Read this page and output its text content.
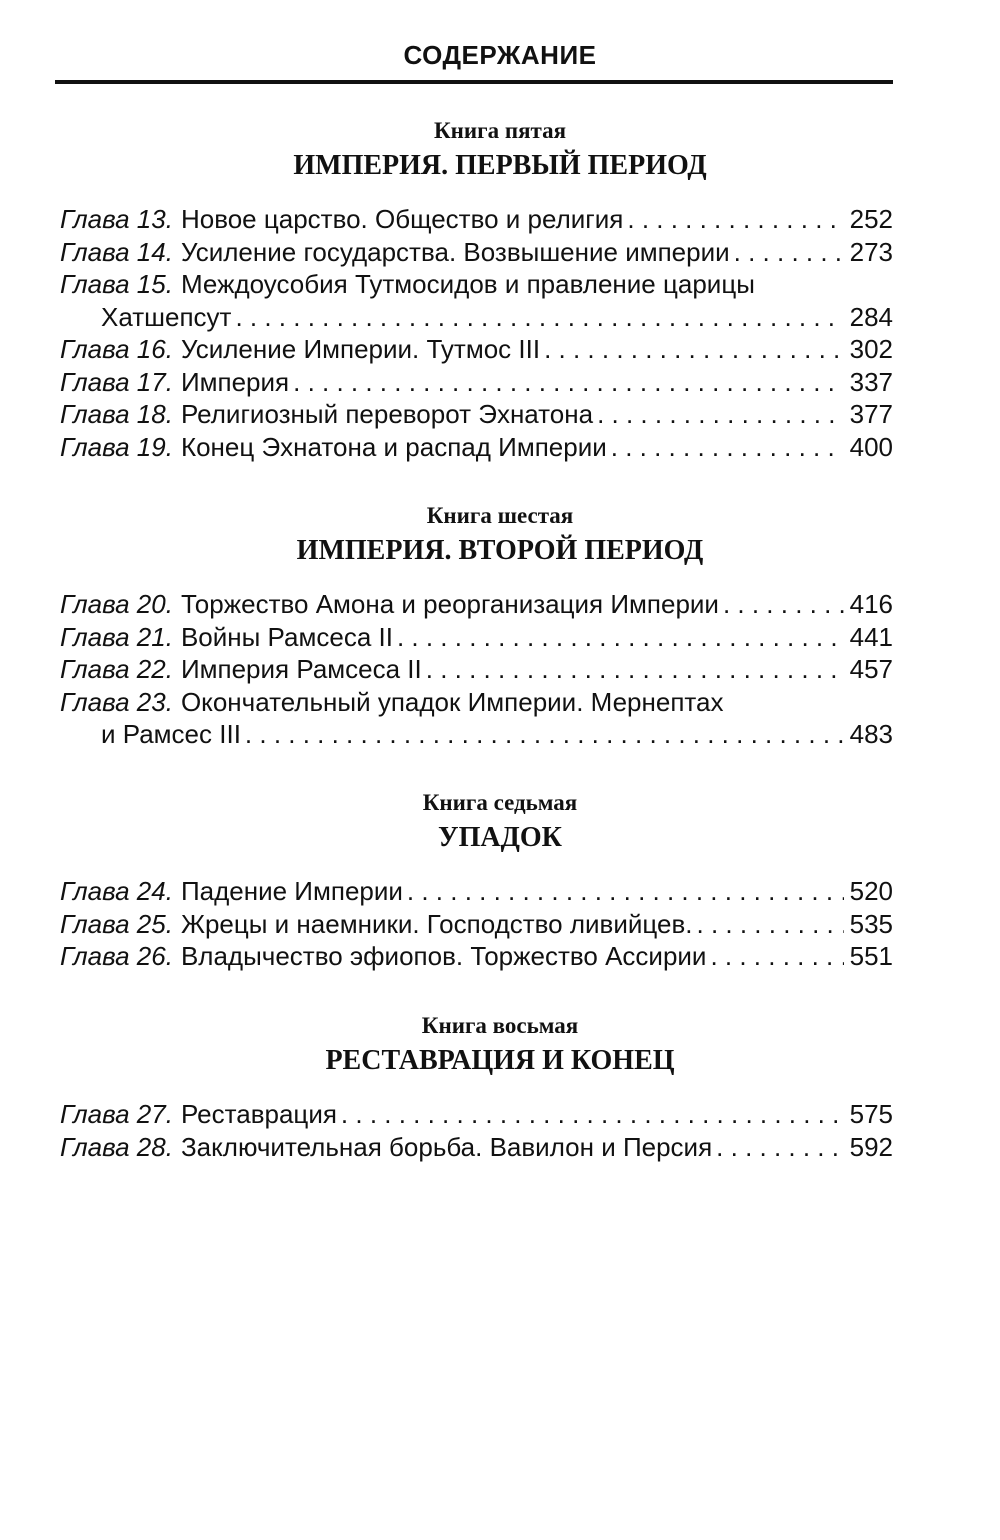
СОДЕРЖАНИЕ
Книга пятая
ИМПЕРИЯ. ПЕРВЫЙ ПЕРИОД
Глава 13. Новое царство. Общество и религия . . .	252
Глава 14. Усиление государства. Возвышение империи . . .	273
Глава 15. Междоусобия Тутмосидов и правление царицы
Хатшепсут . . .	284
Глава 16. Усиление Империи. Тутмос III . . .	302
Глава 17. Империя . . .	337
Глава 18. Религиозный переворот Эхнатона . . .	377
Глава 19. Конец Эхнатона и распад Империи . . .	400
Книга шестая
ИМПЕРИЯ. ВТОРОЙ ПЕРИОД
Глава 20. Торжество Амона и реорганизация Империи . . .	416
Глава 21. Войны Рамсеса II . . .	441
Глава 22. Империя Рамсеса II . . .	457
Глава 23. Окончательный упадок Империи. Мернептах
и Рамсес III . . .	483
Книга седьмая
УПАДОК
Глава 24. Падение Империи . . .	520
Глава 25. Жрецы и наемники. Господство ливийцев. . . .	535
Глава 26. Владычество эфиопов. Торжество Ассирии . . .	551
Книга восьмая
РЕСТАВРАЦИЯ И КОНЕЦ
Глава 27. Реставрация . . .	575
Глава 28. Заключительная борьба. Вавилон и Персия . . .	592
